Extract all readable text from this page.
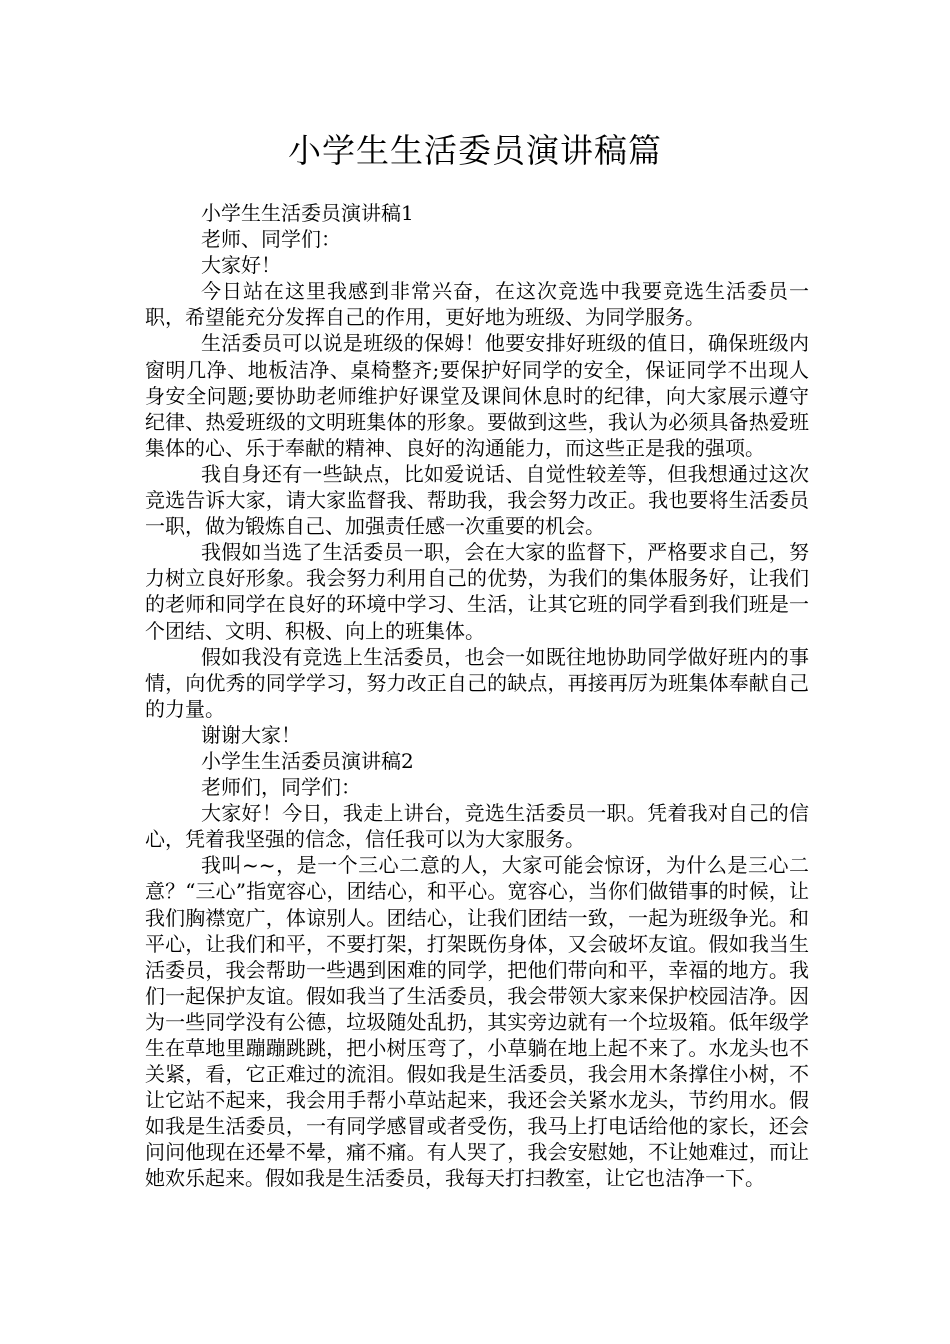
小学生生活委员演讲稿篇

小学生生活委员演讲稿1

老师、同学们：

大家好！

今日站在这里我感到非常兴奋，在这次竞选中我要竞选生活委员一职，希望能充分发挥自己的作用，更好地为班级、为同学服务。

生活委员可以说是班级的保姆！他要安排好班级的值日，确保班级内窗明几净、地板洁净、桌椅整齐;要保护好同学的安全，保证同学不出现人身安全问题;要协助老师维护好课堂及课间休息时的纪律，向大家展示遵守纪律、热爱班级的文明班集体的形象。要做到这些，我认为必须具备热爱班集体的心、乐于奉献的精神、良好的沟通能力，而这些正是我的强项。

我自身还有一些缺点，比如爱说话、自觉性较差等，但我想通过这次竞选告诉大家，请大家监督我、帮助我，我会努力改正。我也要将生活委员一职，做为锻炼自己、加强责任感一次重要的机会。

我假如当选了生活委员一职，会在大家的监督下，严格要求自己，努力树立良好形象。我会努力利用自己的优势，为我们的集体服务好，让我们的老师和同学在良好的环境中学习、生活，让其它班的同学看到我们班是一个团结、文明、积极、向上的班集体。

假如我没有竞选上生活委员，也会一如既往地协助同学做好班内的事情，向优秀的同学学习，努力改正自己的缺点，再接再厉为班集体奉献自己的力量。

谢谢大家！

小学生生活委员演讲稿2

老师们，同学们：

大家好！今日，我走上讲台，竞选生活委员一职。凭着我对自己的信心，凭着我坚强的信念，信任我可以为大家服务。

我叫~~，是一个三心二意的人，大家可能会惊讶，为什么是三心二意？“三心”指宽容心，团结心，和平心。宽容心，当你们做错事的时候，让我们胸襟宽广，体谅别人。团结心，让我们团结一致，一起为班级争光。和平心，让我们和平，不要打架，打架既伤身体，又会破坏友谊。假如我当生活委员，我会帮助一些遇到困难的同学，把他们带向和平，幸福的地方。我们一起保护友谊。假如我当了生活委员，我会带领大家来保护校园洁净。因为一些同学没有公德，垃圾随处乱扔，其实旁边就有一个垃圾箱。低年级学生在草地里蹦蹦跳跳，把小树压弯了，小草躺在地上起不来了。水龙头也不关紧，看，它正难过的流泪。假如我是生活委员，我会用木条撑住小树，不让它站不起来，我会用手帮小草站起来，我还会关紧水龙头，节约用水。假如我是生活委员，一有同学感冒或者受伤，我马上打电话给他的家长，还会问问他现在还晕不晕，痛不痛。有人哭了，我会安慰她，不让她难过，而让她欢乐起来。假如我是生活委员，我每天打扫教室，让它也洁净一下。
